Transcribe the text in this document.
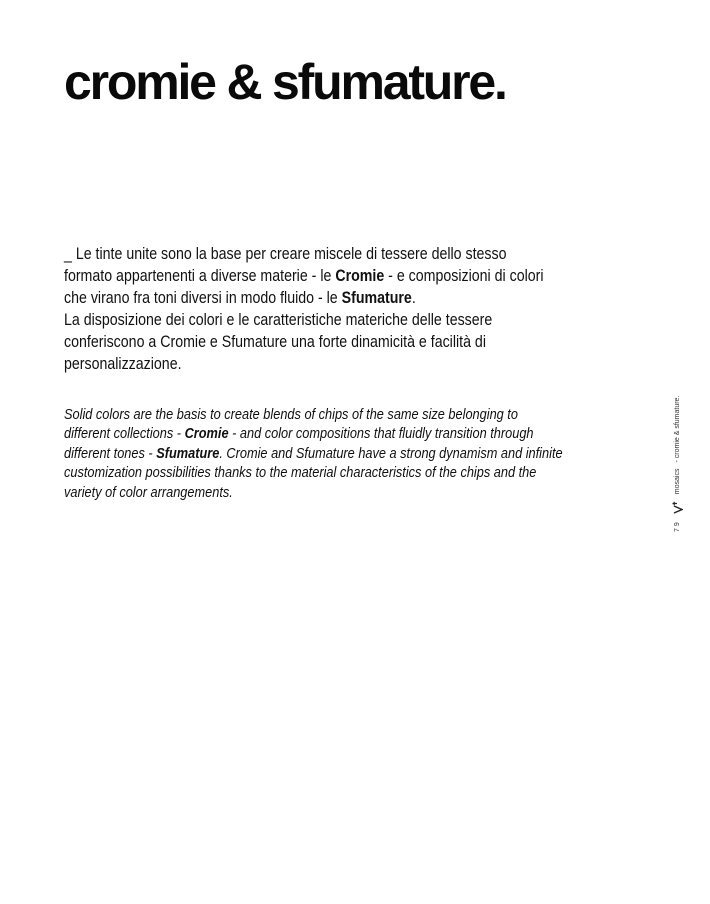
cromie & sfumature.
_ Le tinte unite sono la base per creare miscele di tessere dello stesso
formato appartenenti a diverse materie - le Cromie - e composizioni di colori
che virano fra toni diversi in modo fluido - le Sfumature.
La disposizione dei colori e le caratteristiche materiche delle tessere
conferiscono a Cromie e Sfumature una forte dinamicità e facilità di
personalizzazione.
Solid colors are the basis to create blends of chips of the same size belonging to
different collections - Cromie - and color compositions that fluidly transition through
different tones - Sfumature. Cromie and Sfumature have a strong dynamism and infinite
customization possibilities thanks to the material characteristics of the chips and the
variety of color arrangements.
79
mosaics
- cromie & sfumature.
